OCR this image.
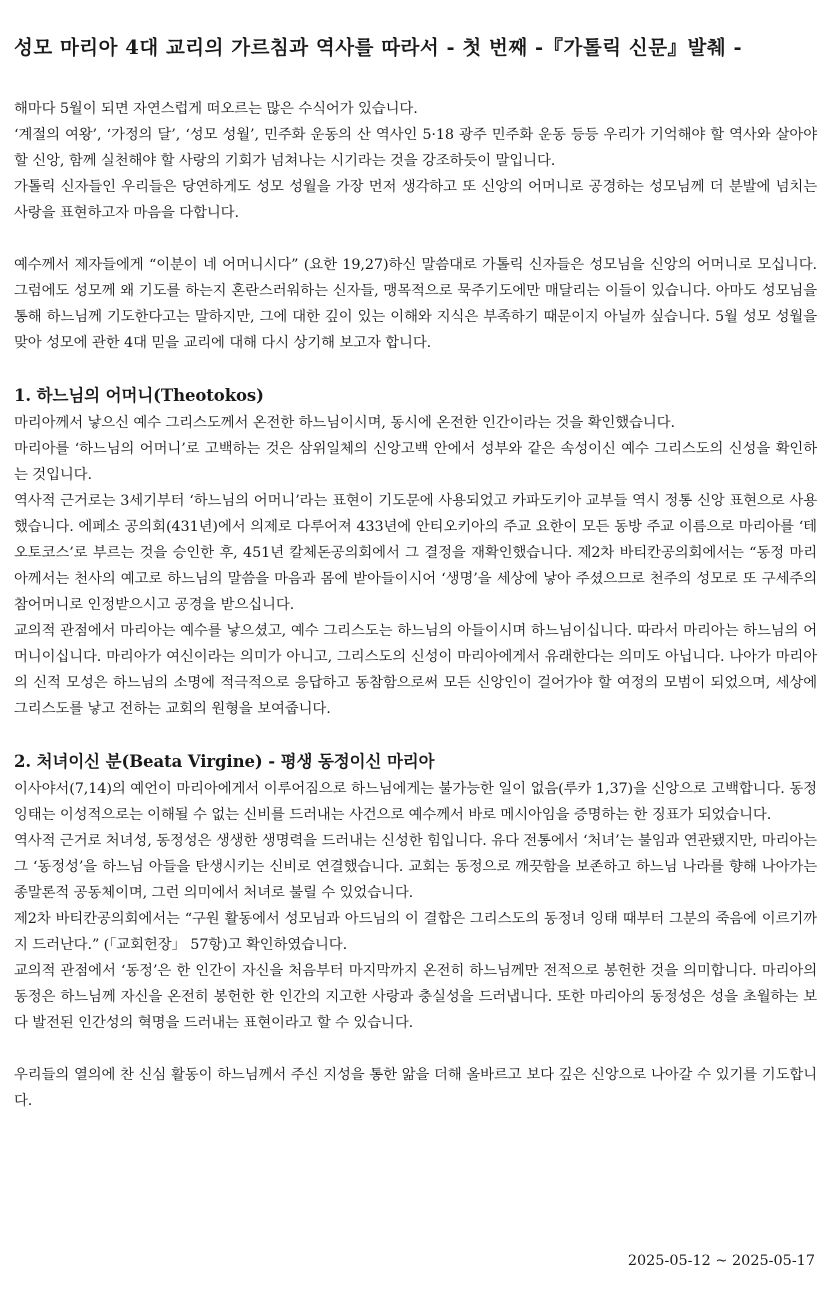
성모 마리아 4대 교리의 가르침과 역사를 따라서 - 첫 번째 -『가톨릭 신문』발췌 -

해마다 5월이 되면 자연스럽게 떠오르는 많은 수식어가 있습니다.

‘계절의 여왕’, ‘가정의 달’, ‘성모 성월’, 민주화 운동의 산 역사인 5·18 광주 민주화 운동 등등 우리가 기억해야 할 역사와 살아야 할 신앙, 함께 실천해야 할 사랑의 기회가 넘쳐나는 시기라는 것을 강조하듯이 말입니다.

가톨릭 신자들인 우리들은 당연하게도 성모 성월을 가장 먼저 생각하고 또 신앙의 어머니로 공경하는 성모님께 더 분발에 넘치는 사랑을 표현하고자 마음을 다합니다.

예수께서 제자들에게 “이분이 네 어머니시다” (요한 19,27)하신 말씀대로 가톨릭 신자들은 성모님을 신앙의 어머니로 모십니다. 그럼에도 성모께 왜 기도를 하는지 혼란스러워하는 신자들, 맹목적으로 묵주기도에만 매달리는 이들이 있습니다. 아마도 성모님을 통해 하느님께 기도한다고는 말하지만, 그에 대한 깊이 있는 이해와 지식은 부족하기 때문이지 아닐까 싶습니다. 5월 성모 성월을 맞아 성모에 관한 4대 믿을 교리에 대해 다시 상기해 보고자 합니다.

1. 하느님의 어머니(Theotokos)

마리아께서 낳으신 예수 그리스도께서 온전한 하느님이시며, 동시에 온전한 인간이라는 것을 확인했습니다.

마리아를 ‘하느님의 어머니’로 고백하는 것은 삼위일체의 신앙고백 안에서 성부와 같은 속성이신 예수 그리스도의 신성을 확인하는 것입니다.

역사적 근거로는 3세기부터 ‘하느님의 어머니’라는 표현이 기도문에 사용되었고 카파도키아 교부들 역시 정통 신앙 표현으로 사용했습니다. 에페소 공의회(431년)에서 의제로 다루어져 433년에 안티오키아의 주교 요한이 모든 동방 주교 이름으로 마리아를 ‘테오토코스’로 부르는 것을 승인한 후, 451년 칼체돈공의회에서 그 결정을 재확인했습니다. 제2차 바티칸공의회에서는 “동정 마리아께서는 천사의 예고로 하느님의 말씀을 마음과 몸에 받아들이시어 ‘생명’을 세상에 낳아 주셨으므로 천주의 성모로 또 구세주의 참어머니로 인정받으시고 공경을 받으십니다.

교의적 관점에서 마리아는 예수를 낳으셨고, 예수 그리스도는 하느님의 아들이시며 하느님이십니다. 따라서 마리아는 하느님의 어머니이십니다. 마리아가 여신이라는 의미가 아니고, 그리스도의 신성이 마리아에게서 유래한다는 의미도 아닙니다. 나아가 마리아의 신적 모성은 하느님의 소명에 적극적으로 응답하고 동참함으로써 모든 신앙인이 걸어가야 할 여정의 모범이 되었으며, 세상에 그리스도를 낳고 전하는 교회의 원형을 보여줍니다.

2. 처녀이신 분(Beata Virgine) - 평생 동정이신 마리아

이사야서(7,14)의 예언이 마리아에게서 이루어짐으로 하느님에게는 불가능한 일이 없음(루카 1,37)을 신앙으로 고백합니다. 동정 잉태는 이성적으로는 이해될 수 없는 신비를 드러내는 사건으로 예수께서 바로 메시아임을 증명하는 한 징표가 되었습니다.

역사적 근거로 처녀성, 동정성은 생생한 생명력을 드러내는 신성한 힘입니다. 유다 전통에서 ‘처녀’는 불임과 연관됐지만, 마리아는 그 ‘동정성’을 하느님 아들을 탄생시키는 신비로 연결했습니다. 교회는 동정으로 깨끗함을 보존하고 하느님 나라를 향해 나아가는 종말론적 공동체이며, 그런 의미에서 처녀로 불릴 수 있었습니다.

제2차 바티칸공의회에서는 “구원 활동에서 성모님과 아드님의 이 결합은 그리스도의 동정녀 잉태 때부터 그분의 죽음에 이르기까지 드러난다.” (「교회헌장」 57항)고 확인하였습니다.

교의적 관점에서 ‘동정’은 한 인간이 자신을 처음부터 마지막까지 온전히 하느님께만 전적으로 봉헌한 것을 의미합니다. 마리아의 동정은 하느님께 자신을 온전히 봉헌한 한 인간의 지고한 사랑과 충실성을 드러냅니다. 또한 마리아의 동정성은 성을 초월하는 보다 발전된 인간성의 혁명을 드러내는 표현이라고 할 수 있습니다.

우리들의 열의에 찬 신심 활동이 하느님께서 주신 지성을 통한 앎을 더해 올바르고 보다 깊은 신앙으로 나아갈 수 있기를 기도합니다.

2025-05-12 ~ 2025-05-17
